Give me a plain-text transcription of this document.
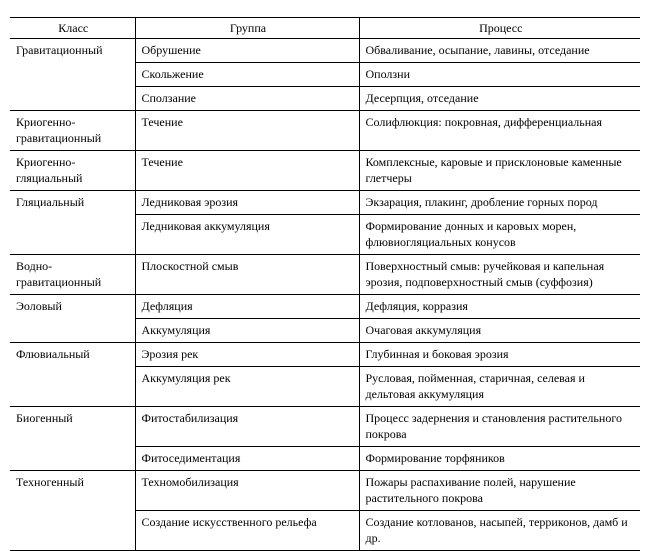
Класс	Группа	Процесс
Гравитационный	Обрушение	Обваливание, осыпание, лавины, отседание
	Скольжение	Оползни
	Сползание	Десерпция, отседание
Криогенно-гравитационный	Течение	Солифлюкция: покровная, дифференциальная
Криогенно-гляциальный	Течение	Комплексные, каровые и присклоновые каменные глетчеры
Гляциальный	Ледниковая эрозия	Экзарация, плакинг, дробление горных пород
	Ледниковая аккумуляция	Формирование донных и каровых морен, флювиогляциальных конусов
Водно-гравитационный	Плоскостной смыв	Поверхностный смыв: ручейковая и капельная эрозия, подповерхностный смыв (суффозия)
Эоловый	Дефляция	Дефляция, корразия
	Аккумуляция	Очаговая аккумуляция
Флювиальный	Эрозия рек	Глубинная и боковая эрозия
	Аккумуляция рек	Русловая, пойменная, старичная, селевая и дельтовая аккумуляция
Биогенный	Фитостабилизация	Процесс задернения и становления растительного покрова
	Фитоседиментация	Формирование торфяников
Техногенный	Техномобилизация	Пожары распахивание полей, нарушение растительного покрова
	Создание искусственного рельефа	Создание котлованов, насыпей, терриконов, дамб и др.
